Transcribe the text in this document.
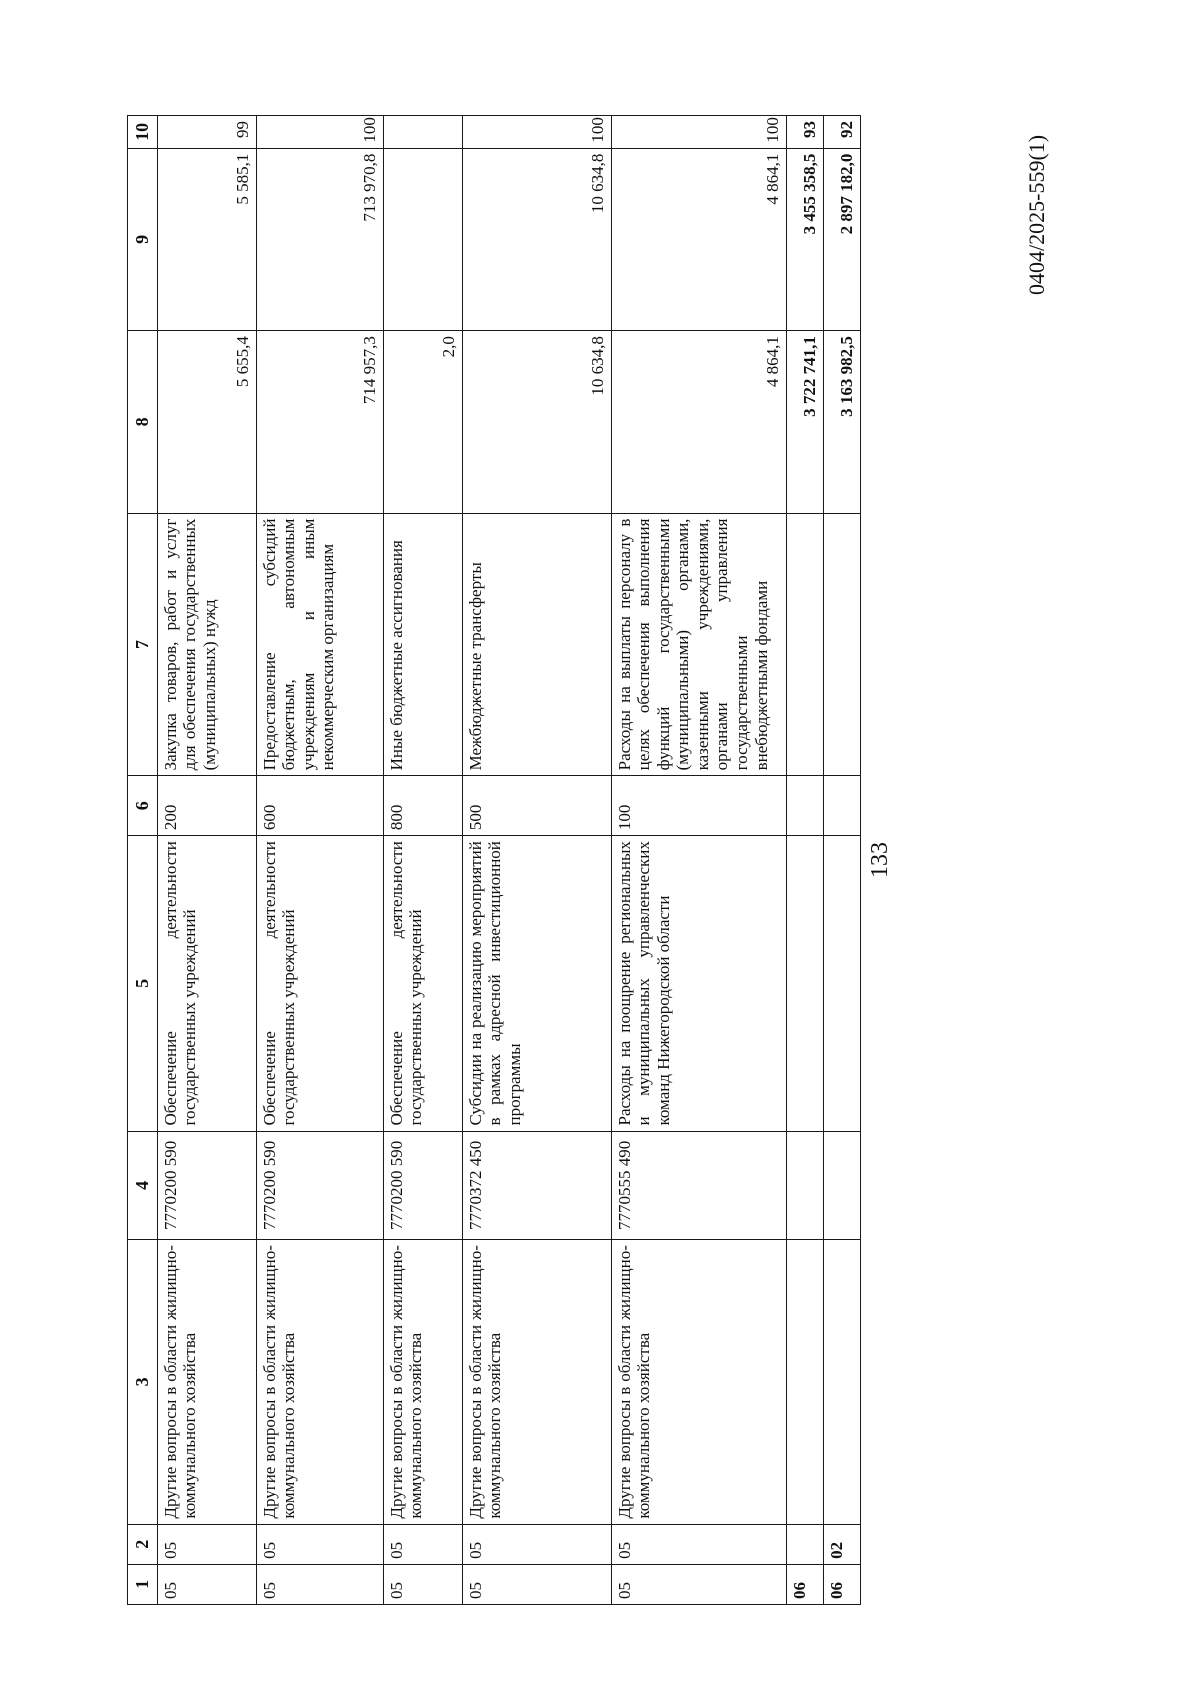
1	2	3	4	5	6	7	8	9	10
05	05	Другие вопросы в области жилищно-коммунального хозяйства	7770200 590	Обеспечение деятельности государственных учреждений	200	Закупка товаров, работ и услуг для обеспечения государственных (муниципальных) нужд	5 655,4	5 585,1	99
05	05	Другие вопросы в области жилищно-коммунального хозяйства	7770200 590	Обеспечение деятельности государственных учреждений	600	Предоставление субсидий бюджетным, автономным учреждениям и иным некоммерческим организациям	714 957,3	713 970,8	100
05	05	Другие вопросы в области жилищно-коммунального хозяйства	7770200 590	Обеспечение деятельности государственных учреждений	800	Иные бюджетные ассигнования	2,0		
05	05	Другие вопросы в области жилищно-коммунального хозяйства	7770372 450	Субсидии на реализацию мероприятий в рамках адресной инвестиционной программы	500	Межбюджетные трансферты	10 634,8	10 634,8	100
05	05	Другие вопросы в области жилищно-коммунального хозяйства	7770555 490	Расходы на поощрение региональных и муниципальных управленческих команд Нижегородской области	100	Расходы на выплаты персоналу в целях обеспечения выполнения функций государственными (муниципальными) органами, казенными учреждениями, органами управления государственными внебюджетными фондами	4 864,1	4 864,1	100
06							3 722 741,1	3 455 358,5	93
06	02						3 163 982,5	2 897 182,0	92
133
0404/2025-559(1)
